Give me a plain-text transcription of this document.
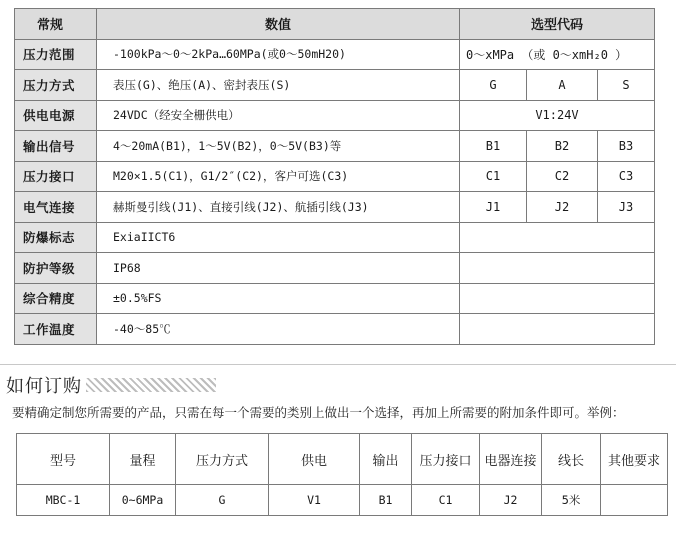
常规	数值	选型代码		
压力范围	-100kPa～0～2kPa…60MPa(或0～50mH20)	0～xMPa （或 0～xmH₂0 ）		
压力方式	表压(G)、绝压(A)、密封表压(S)	G	A	S
供电电源	24VDC（经安全栅供电）	V1:24V		
输出信号	4～20mA(B1)，1～5V(B2)，0～5V(B3)等	B1	B2	B3
压力接口	M20×1.5(C1)，G1/2″(C2)，客户可选(C3)	C1	C2	C3
电气连接	赫斯曼引线(J1)、直接引线(J2)、航插引线(J3)	J1	J2	J3
防爆标志	ExiaIICT6			
防护等级	IP68			
综合精度	±0.5%FS			
工作温度	-40～85℃			
如何订购
要精确定制您所需要的产品，只需在每一个需要的类别上做出一个选择，再加上所需要的附加条件即可。举例：
型号	量程	压力方式	供电	输出	压力接口	电器连接	线长	其他要求
MBC-1	0~6MPa	G	V1	B1	C1	J2	5米	
